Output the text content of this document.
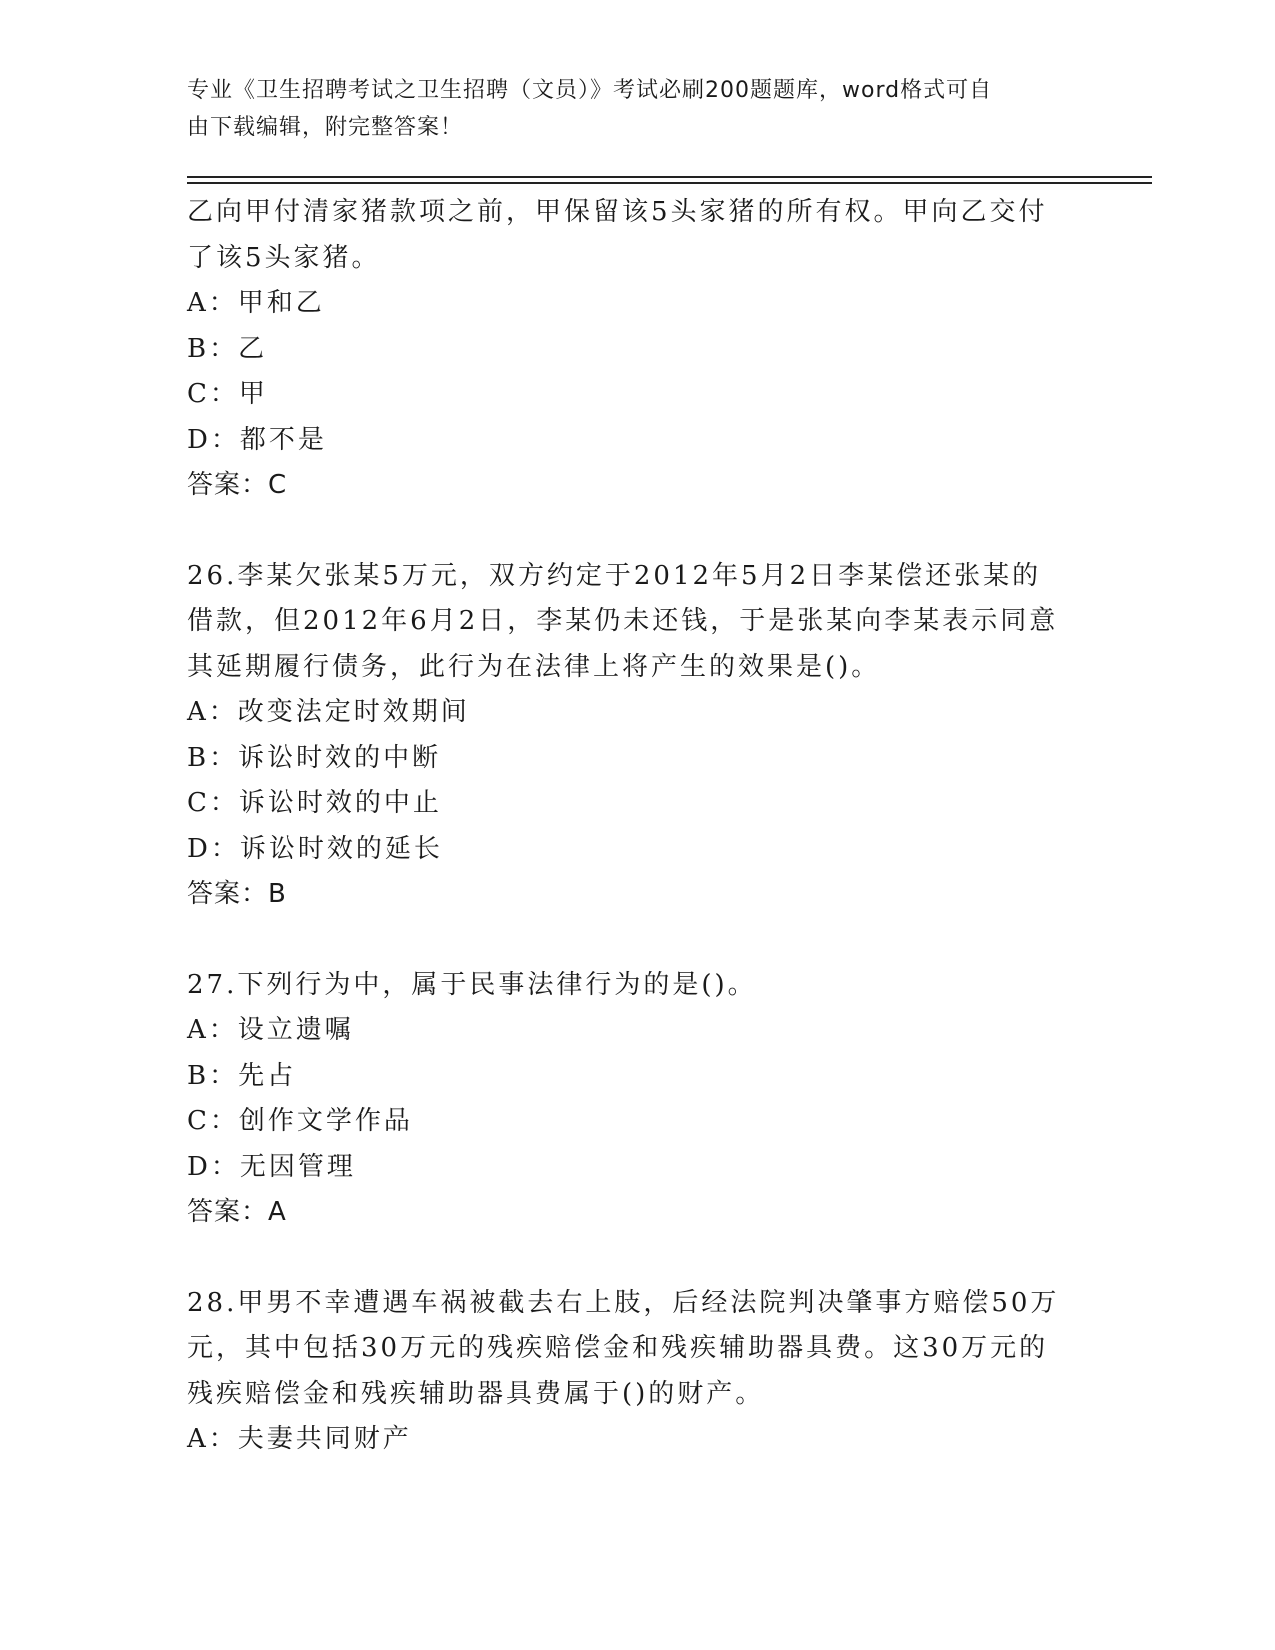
专业《卫生招聘考试之卫生招聘（文员）》考试必刷200题题库，word格式可自
由下载编辑，附完整答案！
乙向甲付清家猪款项之前，甲保留该5头家猪的所有权。甲向乙交付
了该5头家猪。
A：甲和乙
B：乙
C：甲
D：都不是
答案：C
26.李某欠张某5万元，双方约定于2012年5月2日李某偿还张某的
借款，但2012年6月2日，李某仍未还钱，于是张某向李某表示同意
其延期履行债务，此行为在法律上将产生的效果是()。
A：改变法定时效期间
B：诉讼时效的中断
C：诉讼时效的中止
D：诉讼时效的延长
答案：B
27.下列行为中，属于民事法律行为的是()。
A：设立遗嘱
B：先占
C：创作文学作品
D：无因管理
答案：A
28.甲男不幸遭遇车祸被截去右上肢，后经法院判决肇事方赔偿50万
元，其中包括30万元的残疾赔偿金和残疾辅助器具费。这30万元的
残疾赔偿金和残疾辅助器具费属于()的财产。
A：夫妻共同财产
